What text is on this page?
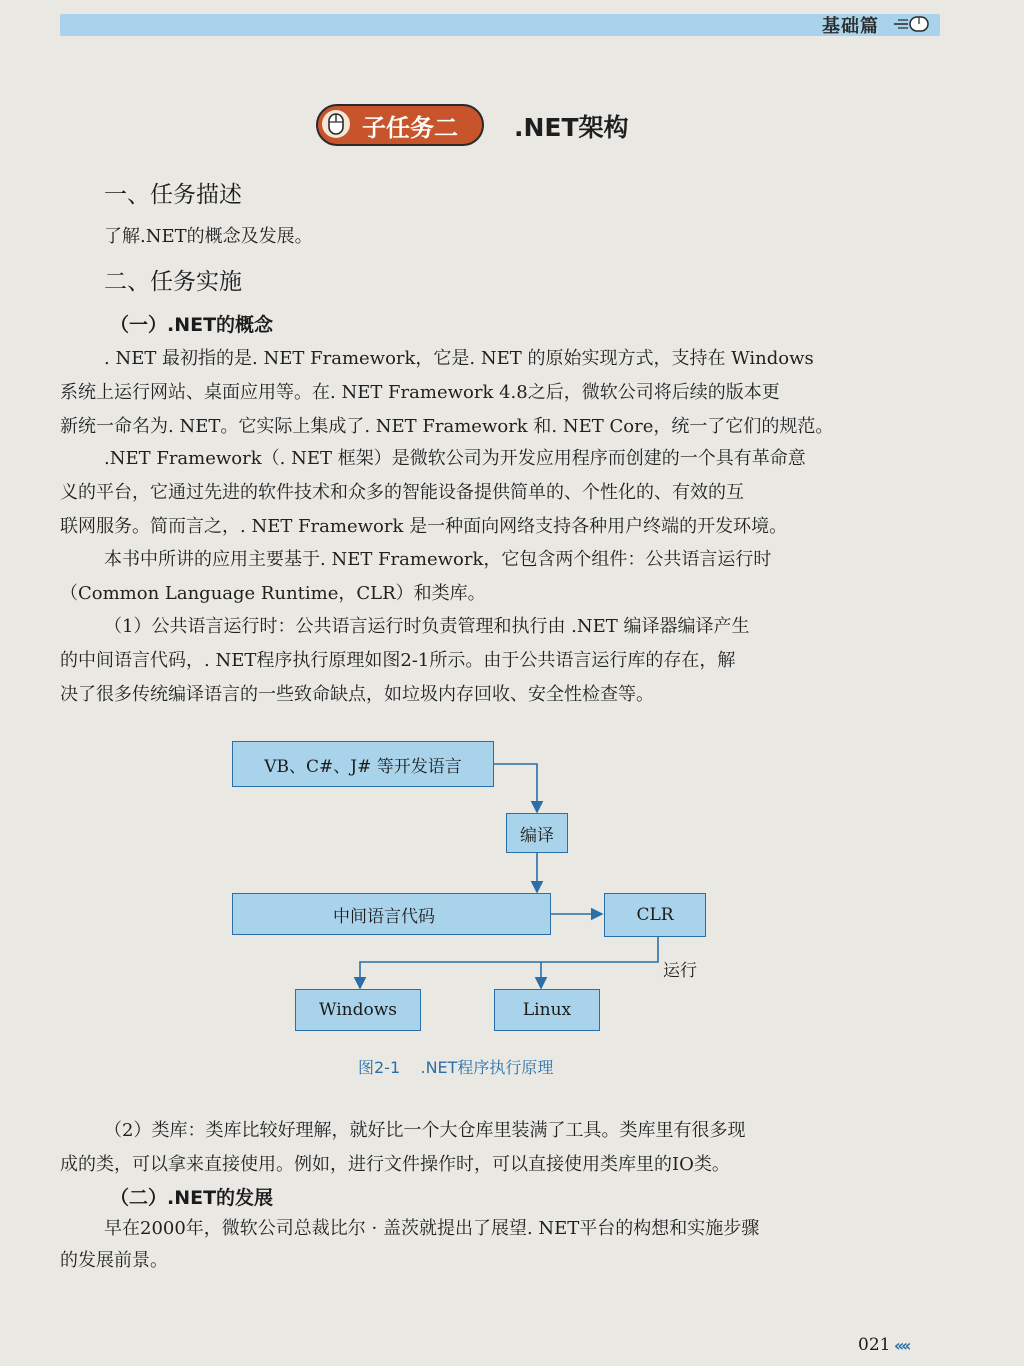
基础篇
子任务二 .NET架构
一、任务描述
了解.NET的概念及发展。
二、任务实施
（一）.NET的概念
. NET 最初指的是. NET Framework，它是. NET 的原始实现方式，支持在 Windows
系统上运行网站、桌面应用等。在. NET Framework 4.8之后，微软公司将后续的版本更
新统一命名为. NET。它实际上集成了. NET Framework 和. NET Core，统一了它们的规范。
.NET Framework（. NET 框架）是微软公司为开发应用程序而创建的一个具有革命意
义的平台，它通过先进的软件技术和众多的智能设备提供简单的、个性化的、有效的互
联网服务。简而言之，. NET Framework 是一种面向网络支持各种用户终端的开发环境。
本书中所讲的应用主要基于. NET Framework，它包含两个组件：公共语言运行时
（Common Language Runtime，CLR）和类库。
（1）公共语言运行时：公共语言运行时负责管理和执行由 .NET 编译器编译产生
的中间语言代码，. NET程序执行原理如图2-1所示。由于公共语言运行库的存在，解
决了很多传统编译语言的一些致命缺点，如垃圾内存回收、安全性检查等。
VB、C#、J# 等开发语言
编译
中间语言代码	CLR
运行
Windows	Linux
图2-1    .NET程序执行原理
（2）类库：类库比较好理解，就好比一个大仓库里装满了工具。类库里有很多现
成的类，可以拿来直接使用。例如，进行文件操作时，可以直接使用类库里的IO类。
（二）.NET的发展
早在2000年，微软公司总裁比尔 · 盖茨就提出了展望. NET平台的构想和实施步骤
的发展前景。
021 ‹‹‹‹
